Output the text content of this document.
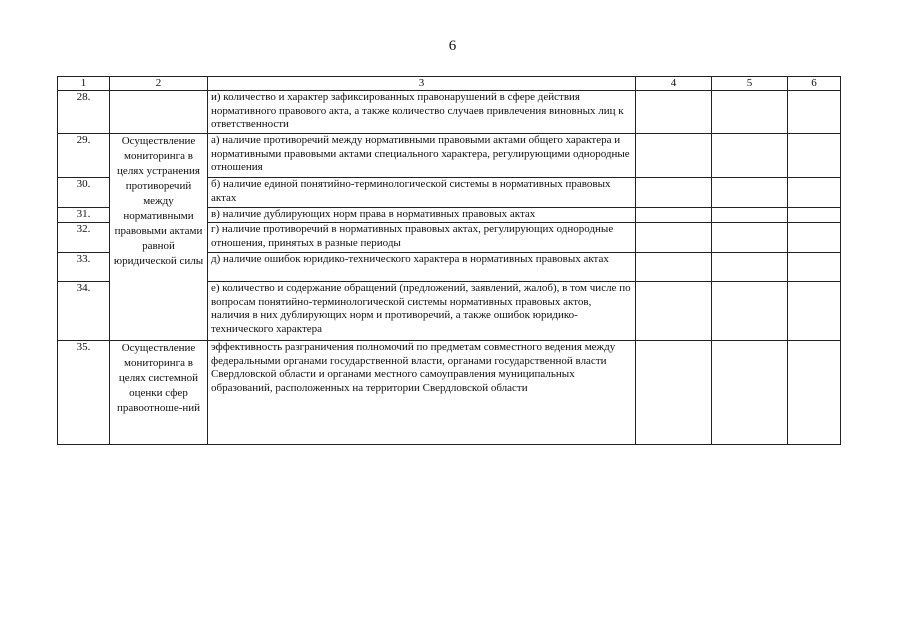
6
1	2	3	4	5	6
28.		и) количество и характер зафиксированных правонарушений в сфере действия нормативного правового акта, а также количество случаев привлечения виновных лиц к ответственности			
29.	Осуществление мониторинга в целях устранения противоречий между нормативными правовыми актами равной юридической силы	а) наличие противоречий между нормативными правовыми актами общего характера и нормативными правовыми актами специального характера, регулирующими однородные отношения			
30.		б) наличие единой понятийно-терминологической системы в нормативных правовых актах			
31.		в) наличие дублирующих норм права в нормативных правовых актах			
32.		г) наличие противоречий в нормативных правовых актах, регулирующих однородные отношения, принятых в разные периоды			
33.		д) наличие ошибок юридико-технического характера в нормативных правовых актах			
34.		е) количество и содержание обращений (предложений, заявлений, жалоб), в том числе по вопросам понятийно-терминологической системы нормативных правовых актов, наличия в них дублирующих норм и противоречий, а также ошибок юридико-технического характера			
35.	Осуществление мониторинга в целях системной оценки сфер правоотноше-ний	эффективность разграничения полномочий по предметам совместного ведения между федеральными органами государственной власти, органами государственной власти Свердловской области и органами местного самоуправления муниципальных образований, расположенных на территории Свердловской области			
